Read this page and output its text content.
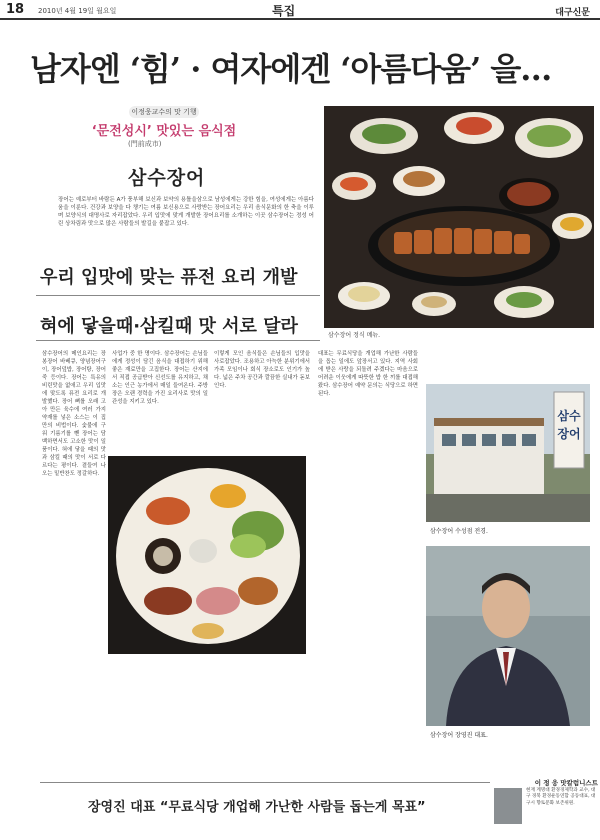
18 2010년 4월 19일 월요일	특집	대구신문
남자엔 ‘힘’ · 여자에겐 ‘아름다움’ 을…
이정웅교수의 맛 기행
‘문전성시’ 맛있는 음식점
(門前成市)
삼수장어
장어는 예로부터 바람든 A가 풍부해 보신과 보약의 용틀을삼으로 남성에게는 강한 힘을, 여성에게는 아름다움을 이룬다. 건강과 보양을 다 챙기는 여름 보신용으로 사랑받는 장어요리는 우리 음식문화의 한 축을 이루며 보양식의 대명사로 자리잡았다. 우리 입맛에 맞게 개발한 장어요리를 소개하는 이곳 삼수장어는 정성 어린 상차림과 맛으로 많은 사람들의 발길을 붙잡고 있다.
삼수장어 정식 메뉴.
우리 입맛에 맞는 퓨전 요리 개발
혀에 닿을때·삼킬때 맛 서로 달라
삼수장어의 메인요리는 장봉장어 바베큐, 양념장어구이, 장어덮밥, 장어탕, 장어죽 등이다. 장어는 특유의 비린맛을 없애고 우리 입맛에 맞도록 퓨전 요리로 개발했다. 장어 뼈를 오래 고아 만든 육수에 여러 가지 약재를 넣은 소스는 이 집만의 비법이다. 숯불에 구워 기름기를 뺀 장어는 담백하면서도 고소한 맛이 일품이다. 혀에 닿을 때의 맛과 삼킬 때의 맛이 서로 다르다는 평이다. 곁들여 나오는 밑반찬도 정갈하다.
사업가 중 한 명이다. 삼수장어는 손님들에게 정성이 담긴 음식을 대접하기 위해 좋은 재료만을 고집한다. 장어는 산지에서 직접 공급받아 신선도를 유지하고, 채소는 인근 농가에서 매일 들여온다. 주방장은 오랜 경력을 가진 요리사로 맛의 일관성을 지키고 있다.
이렇게 모인 음식들은 손님들의 입맛을 사로잡았다. 조용하고 아늑한 분위기에서 가족 모임이나 회식 장소로도 인기가 높다. 넓은 주차 공간과 깔끔한 실내가 돋보인다.
대표는 무료식당을 개업해 가난한 사람들을 돕는 일에도 앞장서고 있다. 지역 사회에 받은 사랑을 되돌려 주겠다는 마음으로 어려운 이웃에게 따뜻한 밥 한 끼를 대접해 왔다. 삼수장어 예약 문의는 식당으로 하면 된다.
삼수
장어
삼수장어 수성점 전경.
삼수장어 장영진 대표.
장영진 대표 “무료식당 개업해 가난한 사람들 돕는게 목표”
이 정 웅 맛칼럼니스트
현재 계명대 환경경제학과 교수, 대구 경북 환경운동연합 공동대표, 대구시 향토문화 보존위원.
